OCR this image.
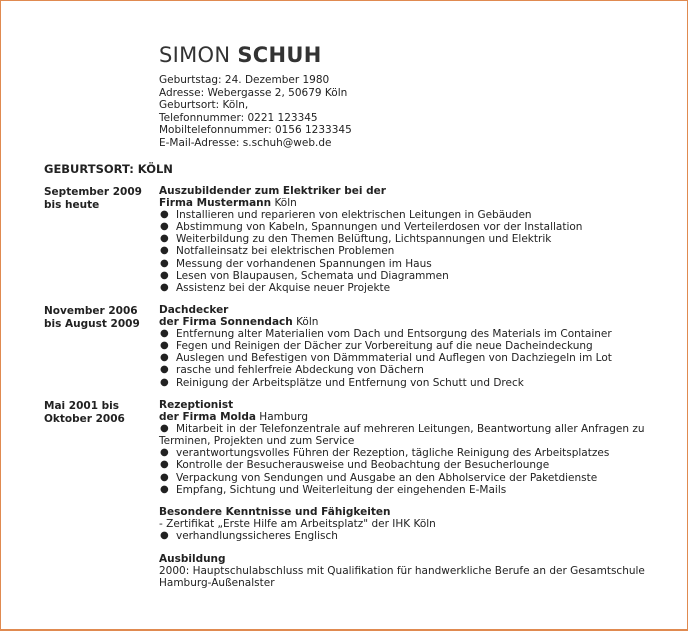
SIMON SCHUH
Geburtstag: 24. Dezember 1980
Adresse: Webergasse 2, 50679 Köln
Geburtsort: Köln,
Telefonnummer: 0221 123345
Mobiltelefonnummer: 0156 1233345
E-Mail-Adresse: s.schuh@web.de
GEBURTSORT: KÖLN
September 2009 bis heute
Auszubildender zum Elektriker bei der
Firma Mustermann Köln
● Installieren und reparieren von elektrischen Leitungen in Gebäuden
● Abstimmung von Kabeln, Spannungen und Verteilerdosen vor der Installation
● Weiterbildung zu den Themen Belüftung, Lichtspannungen und Elektrik
● Notfalleinsatz bei elektrischen Problemen
● Messung der vorhandenen Spannungen im Haus
● Lesen von Blaupausen, Schemata und Diagrammen
● Assistenz bei der Akquise neuer Projekte
November 2006 bis August 2009
Dachdecker
der Firma Sonnendach Köln
● Entfernung alter Materialien vom Dach und Entsorgung des Materials im Container
● Fegen und Reinigen der Dächer zur Vorbereitung auf die neue Dacheindeckung
● Auslegen und Befestigen von Dämmmaterial und Auflegen von Dachziegeln im Lot
● rasche und fehlerfreie Abdeckung von Dächern
● Reinigung der Arbeitsplätze und Entfernung von Schutt und Dreck
Mai 2001 bis Oktober 2006
Rezeptionist
der Firma Molda Hamburg
● Mitarbeit in der Telefonzentrale auf mehreren Leitungen, Beantwortung aller Anfragen zu Terminen, Projekten und zum Service
● verantwortungsvolles Führen der Rezeption, tägliche Reinigung des Arbeitsplatzes
● Kontrolle der Besucherausweise und Beobachtung der Besucherlounge
● Verpackung von Sendungen und Ausgabe an den Abholservice der Paketdienste
● Empfang, Sichtung und Weiterleitung der eingehenden E-Mails
Besondere Kenntnisse und Fähigkeiten
- Zertifikat „Erste Hilfe am Arbeitsplatz" der IHK Köln
● verhandlungssicheres Englisch
Ausbildung
2000: Hauptschulabschluss mit Qualifikation für handwerkliche Berufe an der Gesamtschule Hamburg-Außenalster
